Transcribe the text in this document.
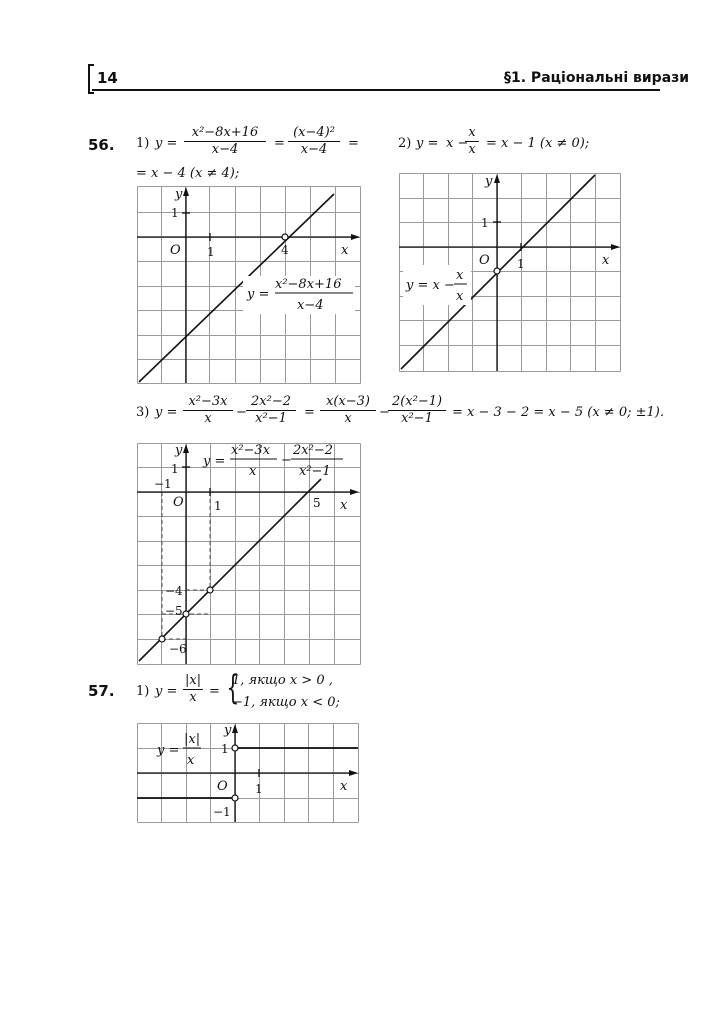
14	§1. Раціональні вирази
56. 1) $y = \frac{\text{x²−8x+16}}{x-4} = \frac{\text{(x−4)²}}{x-4}$ =
= x − 4 (x ≠ 4);
2) y = x −
$\frac{x}{x} = x - 1$ (x ≠ 0);
O 1
1
4	x
y
y =
x²−8x+16
x−4
O 1
1
x
y
y = x −
x
x
3) $y = \frac{\text{x²−3x}}{x} - \frac{\text{2x²−2}}{\text{x²−1}} = \frac{x(x-3)}{x}$ −
$\frac{\text{2(x²−1)}}{\text{x²−1}} = x - 3 - 2 = x - 5$ (x ≠ 0; ±1).
O	1
1
−1
5
−4
−5
−6
x
y
y =
x²−3x
x
−
2x²−2
x²−1
57. 1) $y = \frac{|x|}{x}$ = {
1, якщо x > 0 ,
−1, якщо x < 0;
O 1
1
−1
x
y
y =
|x|
x
